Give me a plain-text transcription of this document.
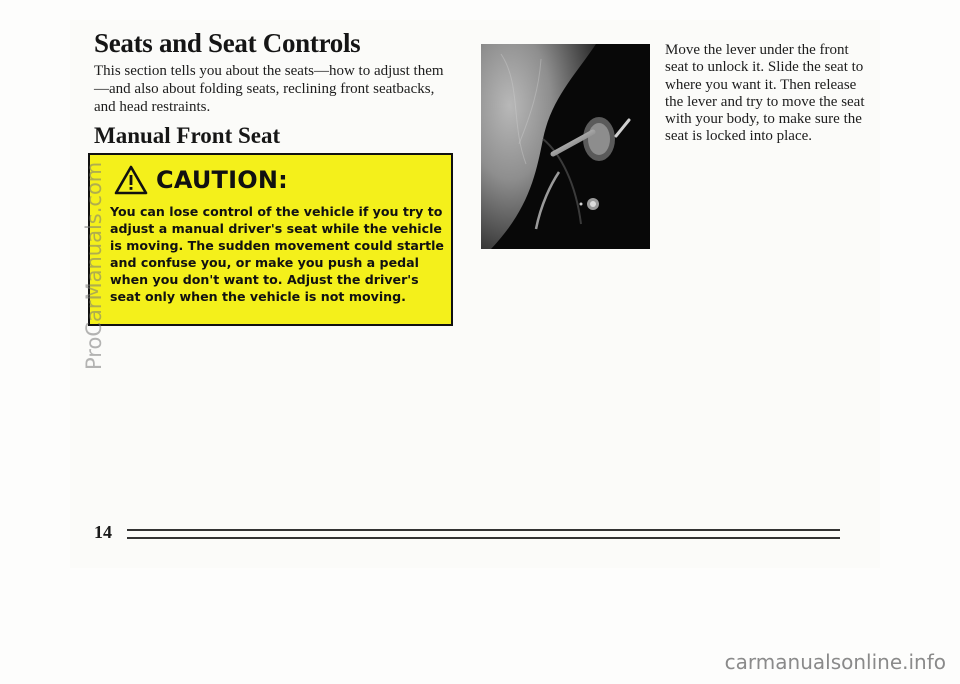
Seats and Seat Controls
This section tells you about the seats—how to adjust them—and also about folding seats, reclining front seatbacks, and head restraints.
Manual Front Seat
CAUTION:
You can lose control of the vehicle if you try to adjust a manual driver's seat while the vehicle is moving. The sudden movement could startle and confuse you, or make you push a pedal when you don't want to. Adjust the driver's seat only when the vehicle is not moving.
Move the lever under the front seat to unlock it. Slide the seat to where you want it. Then release the lever and try to move the seat with your body, to make sure the seat is locked into place.
ProCarManuals.com
14
carmanualsonline.info
